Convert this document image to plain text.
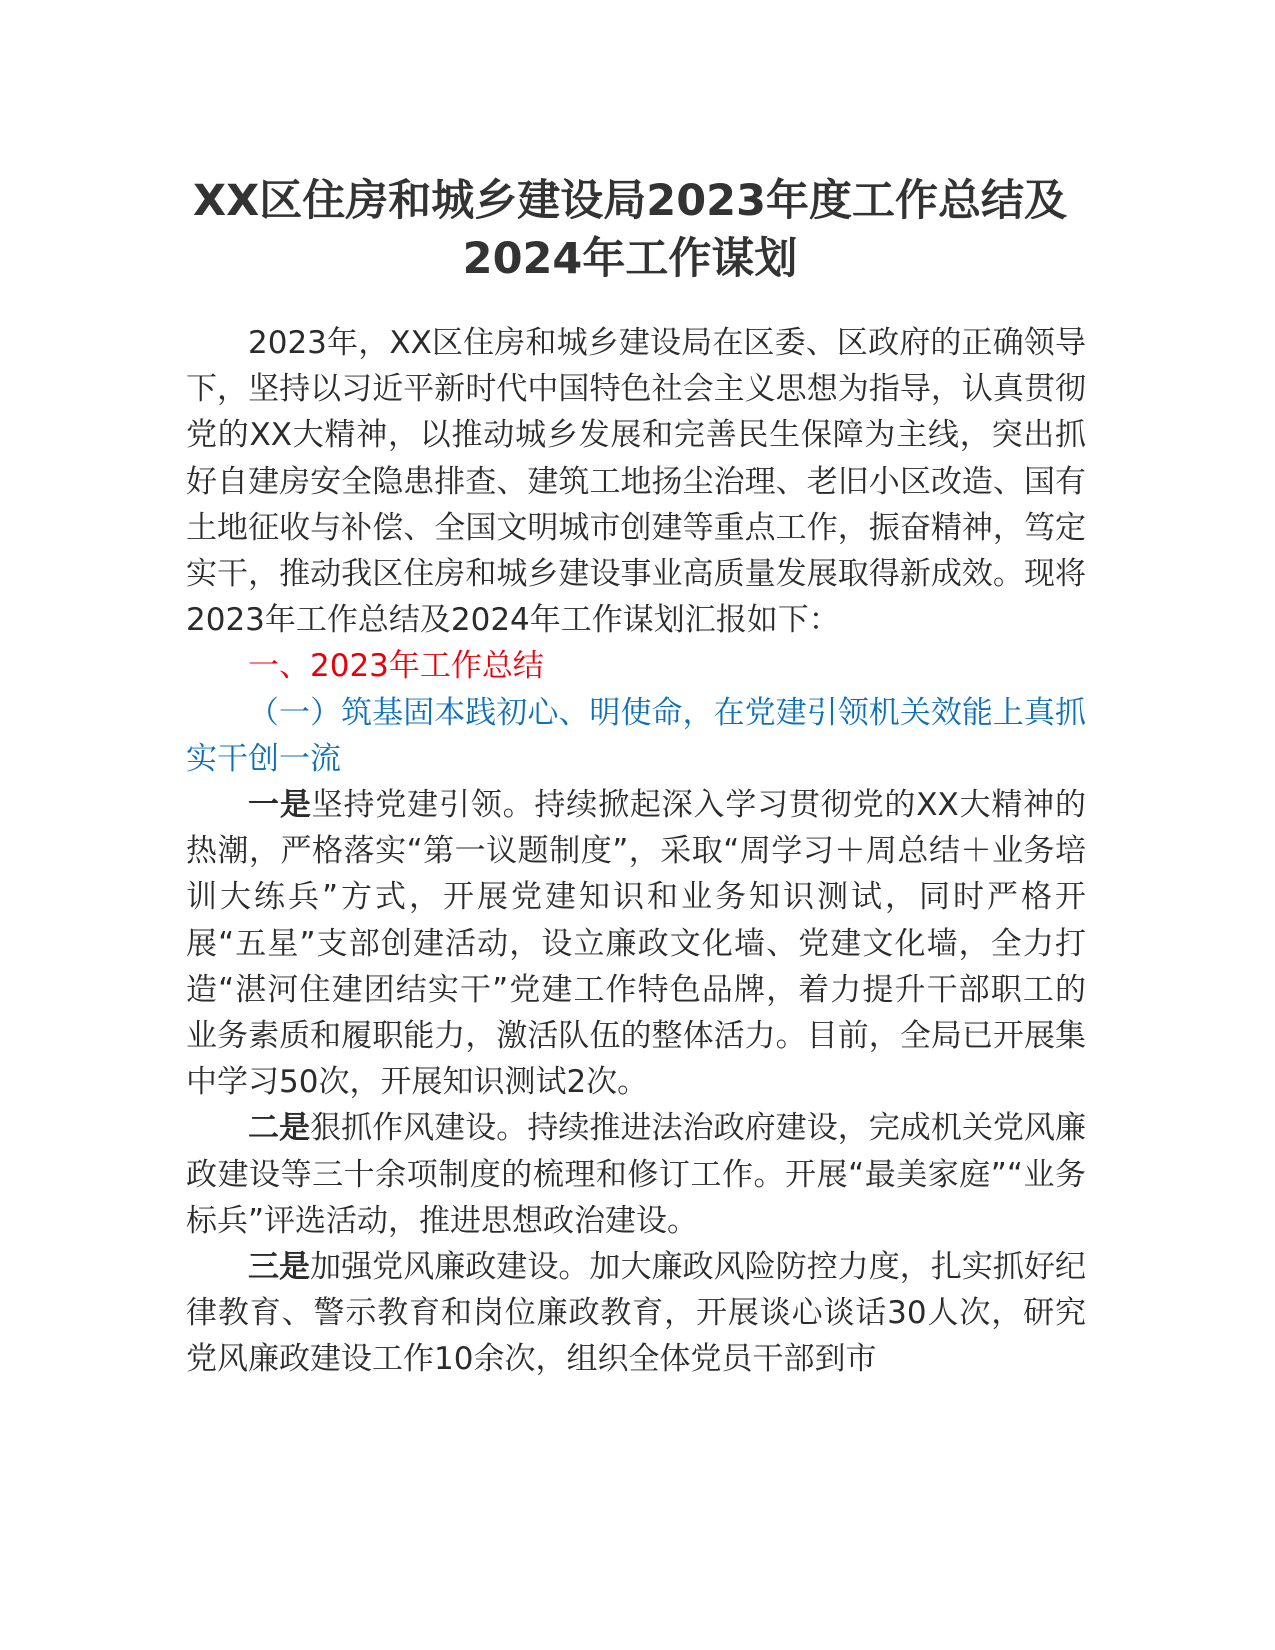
XX区住房和城乡建设局2023年度工作总结及2024年工作谋划

2023年，XX区住房和城乡建设局在区委、区政府的正确领导下，坚持以习近平新时代中国特色社会主义思想为指导，认真贯彻党的XX大精神，以推动城乡发展和完善民生保障为主线，突出抓好自建房安全隐患排查、建筑工地扬尘治理、老旧小区改造、国有土地征收与补偿、全国文明城市创建等重点工作，振奋精神，笃定实干，推动我区住房和城乡建设事业高质量发展取得新成效。现将2023年工作总结及2024年工作谋划汇报如下：

一、2023年工作总结

（一）筑基固本践初心、明使命，在党建引领机关效能上真抓实干创一流

一是坚持党建引领。持续掀起深入学习贯彻党的XX大精神的热潮，严格落实“第一议题制度”，采取“周学习＋周总结＋业务培训大练兵”方式，开展党建知识和业务知识测试，同时严格开展“五星”支部创建活动，设立廉政文化墙、党建文化墙，全力打造“湛河住建团结实干”党建工作特色品牌，着力提升干部职工的业务素质和履职能力，激活队伍的整体活力。目前，全局已开展集中学习50次，开展知识测试2次。

二是狠抓作风建设。持续推进法治政府建设，完成机关党风廉政建设等三十余项制度的梳理和修订工作。开展“最美家庭”“业务标兵”评选活动，推进思想政治建设。

三是加强党风廉政建设。加大廉政风险防控力度，扎实抓好纪律教育、警示教育和岗位廉政教育，开展谈心谈话30人次，研究党风廉政建设工作10余次，组织全体党员干部到市
